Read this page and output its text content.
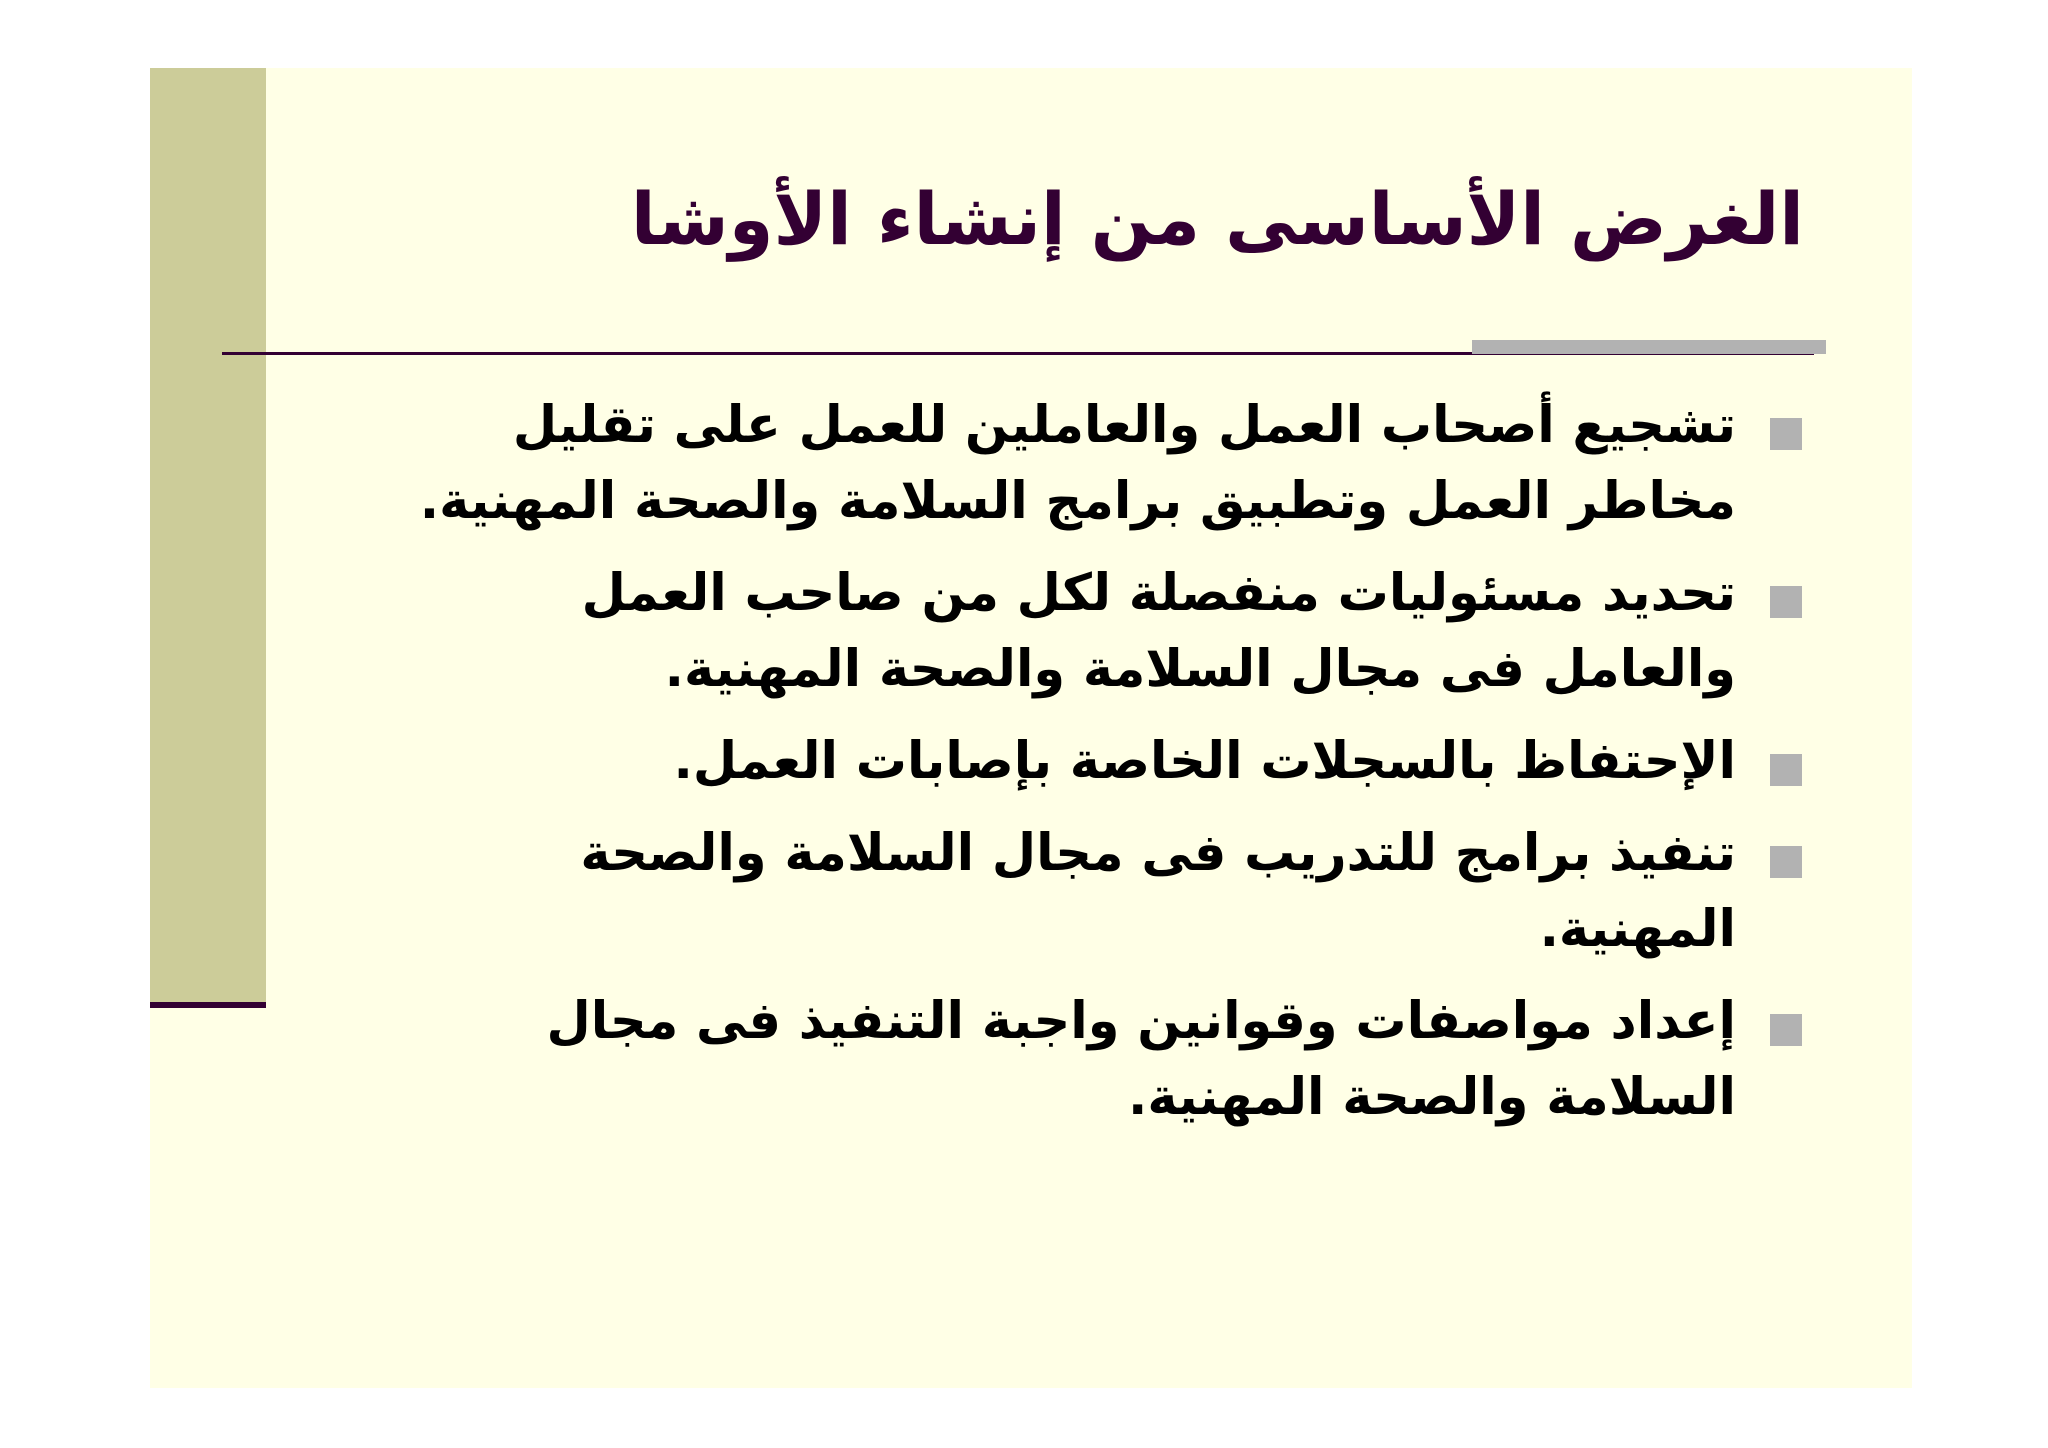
الغرض الأساسى من إنشاء الأوشا
تشجيع أصحاب العمل والعاملين للعمل على تقليل مخاطر العمل وتطبيق برامج السلامة والصحة المهنية.
تحديد مسئوليات منفصلة لكل من صاحب العمل والعامل فى مجال السلامة والصحة المهنية.
الإحتفاظ بالسجلات الخاصة بإصابات العمل.
تنفيذ برامج للتدريب فى مجال السلامة والصحة المهنية.
إعداد مواصفات وقوانين واجبة التنفيذ فى مجال السلامة والصحة المهنية.
